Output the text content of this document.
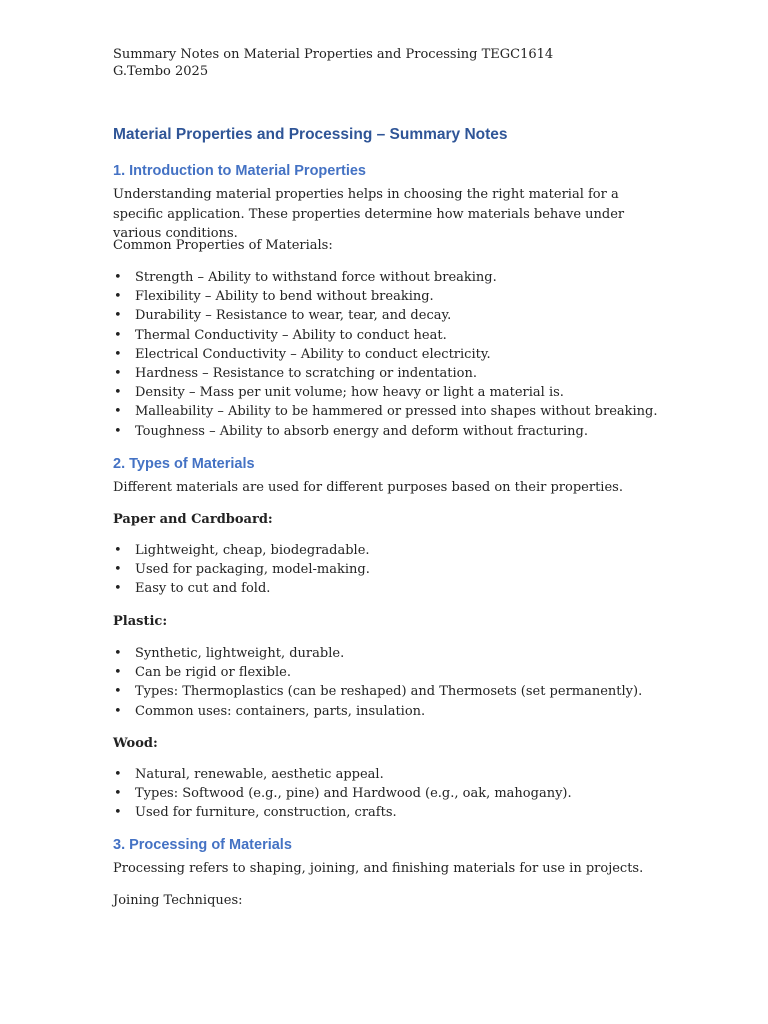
Summary Notes on Material Properties and Processing TEGC1614

G.Tembo 2025

Material Properties and Processing – Summary Notes
1. Introduction to Material Properties

Understanding material properties helps in choosing the right material for a specific application. These properties determine how materials behave under various conditions.

Common Properties of Materials:

• Strength – Ability to withstand force without breaking.
• Flexibility – Ability to bend without breaking.
• Durability – Resistance to wear, tear, and decay.
• Thermal Conductivity – Ability to conduct heat.
• Electrical Conductivity – Ability to conduct electricity.
• Hardness – Resistance to scratching or indentation.
• Density – Mass per unit volume; how heavy or light a material is.
• Malleability – Ability to be hammered or pressed into shapes without breaking.
• Toughness – Ability to absorb energy and deform without fracturing.
2. Types of Materials

Different materials are used for different purposes based on their properties.

Paper and Cardboard:

• Lightweight, cheap, biodegradable.
• Used for packaging, model-making.
• Easy to cut and fold.

Plastic:

• Synthetic, lightweight, durable.
• Can be rigid or flexible.
• Types: Thermoplastics (can be reshaped) and Thermosets (set permanently).
• Common uses: containers, parts, insulation.

Wood:

• Natural, renewable, aesthetic appeal.
• Types: Softwood (e.g., pine) and Hardwood (e.g., oak, mahogany).
• Used for furniture, construction, crafts.
3. Processing of Materials

Processing refers to shaping, joining, and finishing materials for use in projects.

Joining Techniques:
